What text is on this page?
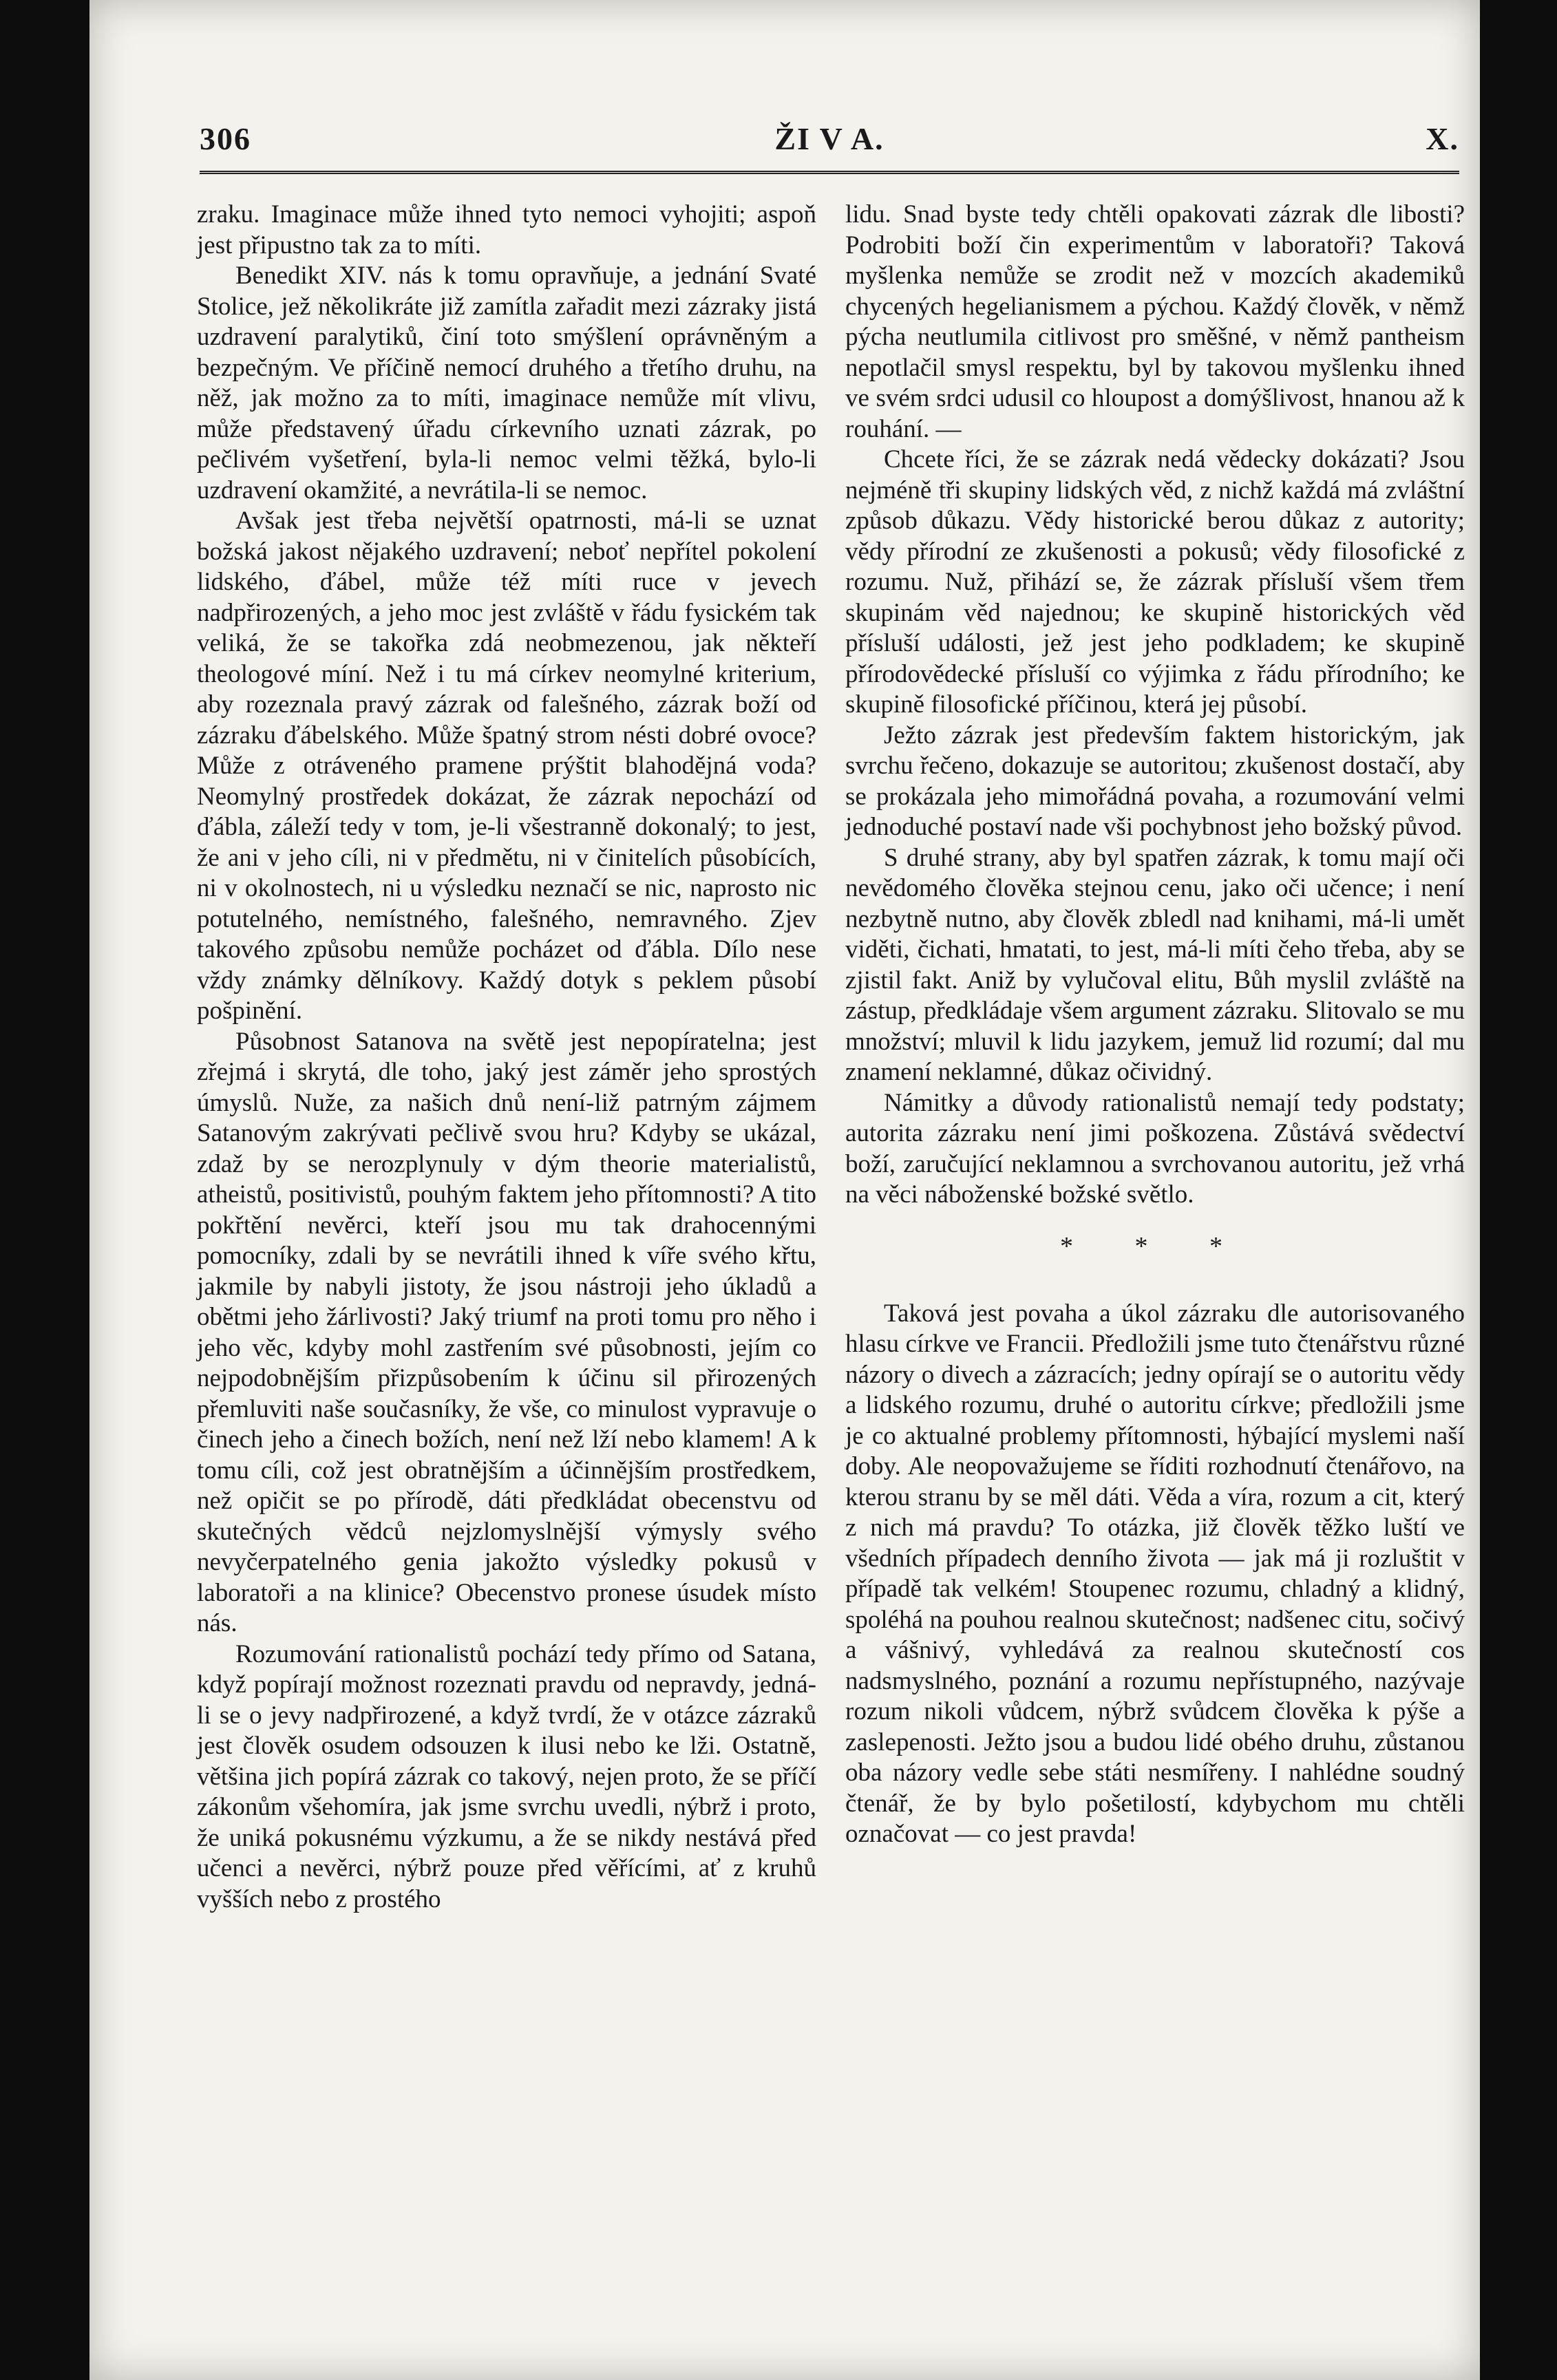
306	ŽI V A.	X.

zraku. Imaginace může ihned tyto nemoci vyhojiti; aspoň jest připustno tak za to míti.

Benedikt XIV. nás k tomu opravňuje, a jednání Svaté Stolice, jež několikráte již zamítla zařadit mezi zázraky jistá uzdravení paralytiků, činí toto smýšlení oprávněným a bezpečným. Ve příčině nemocí druhého a třetího druhu, na něž, jak možno za to míti, imaginace nemůže mít vlivu, může představený úřadu církevního uznati zázrak, po pečlivém vyšetření, byla-li nemoc velmi těžká, bylo-li uzdravení okamžité, a nevrátila-li se nemoc.

Avšak jest třeba největší opatrnosti, má-li se uznat božská jakost nějakého uzdravení; neboť nepřítel pokolení lidského, ďábel, může též míti ruce v jevech nadpřirozených, a jeho moc jest zvláště v řádu fysickém tak veliká, že se takořka zdá neobmezenou, jak někteří theologové míní. Než i tu má církev neomylné kriterium, aby rozeznala pravý zázrak od falešného, zázrak boží od zázraku ďábelského. Může špatný strom nésti dobré ovoce? Může z otráveného pramene prýštit blahodějná voda? Neomylný prostředek dokázat, že zázrak nepochází od ďábla, záleží tedy v tom, je-li všestranně dokonalý; to jest, že ani v jeho cíli, ni v předmětu, ni v činitelích působících, ni v okolnostech, ni u výsledku neznačí se nic, naprosto nic potutelného, nemístného, falešného, nemravného. Zjev takového způsobu nemůže pocházet od ďábla. Dílo nese vždy známky dělníkovy. Každý dotyk s peklem působí pošpinění.

Působnost Satanova na světě jest nepopíratelna; jest zřejmá i skrytá, dle toho, jaký jest záměr jeho sprostých úmyslů. Nuže, za našich dnů není-liž patrným zájmem Satanovým zakrývati pečlivě svou hru? Kdyby se ukázal, zdaž by se nerozplynuly v dým theorie materialistů, atheistů, positivistů, pouhým faktem jeho přítomnosti? A tito pokřtění nevěrci, kteří jsou mu tak drahocennými pomocníky, zdali by se nevrátili ihned k víře svého křtu, jakmile by nabyli jistoty, že jsou nástroji jeho úkladů a obětmi jeho žárlivosti? Jaký triumf na proti tomu pro něho i jeho věc, kdyby mohl zastřením své působnosti, jejím co nejpodobnějším přizpůsobením k účinu sil přirozených přemluviti naše současníky, že vše, co minulost vypravuje o činech jeho a činech božích, není než lží nebo klamem! A k tomu cíli, což jest obratnějším a účinnějším prostředkem, než opičit se po přírodě, dáti předkládat obecenstvu od skutečných vědců nejzlomyslnější výmysly svého nevyčerpatelného genia jakožto výsledky pokusů v laboratoři a na klinice? Obecenstvo pronese úsudek místo nás.

Rozumování rationalistů pochází tedy přímo od Satana, když popírají možnost rozeznati pravdu od nepravdy, jedná-li se o jevy nadpřirozené, a když tvrdí, že v otázce zázraků jest člověk osudem odsouzen k ilusi nebo ke lži. Ostatně, většina jich popírá zázrak co takový, nejen proto, že se příčí zákonům všehomíra, jak jsme svrchu uvedli, nýbrž i proto, že uniká pokusnému výzkumu, a že se nikdy nestává před učenci a nevěrci, nýbrž pouze před věřícími, ať z kruhů vyšších nebo z prostého

lidu. Snad byste tedy chtěli opakovati zázrak dle libosti? Podrobiti boží čin experimentům v laboratoři? Taková myšlenka nemůže se zrodit než v mozcích akademiků chycených hegelianismem a pýchou. Každý člověk, v němž pýcha neutlumila citlivost pro směšné, v němž pantheism nepotlačil smysl respektu, byl by takovou myšlenku ihned ve svém srdci udusil co hloupost a domýšlivost, hnanou až k rouhání. —

Chcete říci, že se zázrak nedá vědecky dokázati? Jsou nejméně tři skupiny lidských věd, z nichž každá má zvláštní způsob důkazu. Vědy historické berou důkaz z autority; vědy přírodní ze zkušenosti a pokusů; vědy filosofické z rozumu. Nuž, přihází se, že zázrak přísluší všem třem skupinám věd najednou; ke skupině historických věd přísluší události, jež jest jeho podkladem; ke skupině přírodovědecké přísluší co výjimka z řádu přírodního; ke skupině filosofické příčinou, která jej působí.

Ježto zázrak jest především faktem historickým, jak svrchu řečeno, dokazuje se autoritou; zkušenost dostačí, aby se prokázala jeho mimořádná povaha, a rozumování velmi jednoduché postaví nade vši pochybnost jeho božský původ.

S druhé strany, aby byl spatřen zázrak, k tomu mají oči nevědomého člověka stejnou cenu, jako oči učence; i není nezbytně nutno, aby člověk zbledl nad knihami, má-li umět viděti, čichati, hmatati, to jest, má-li míti čeho třeba, aby se zjistil fakt. Aniž by vylučoval elitu, Bůh myslil zvláště na zástup, předkládaje všem argument zázraku. Slitovalo se mu množství; mluvil k lidu jazykem, jemuž lid rozumí; dal mu znamení neklamné, důkaz očividný.

Námitky a důvody rationalistů nemají tedy podstaty; autorita zázraku není jimi poškozena. Zůstává svědectví boží, zaručující neklamnou a svrchovanou autoritu, jež vrhá na věci náboženské božské světlo.

* * *

Taková jest povaha a úkol zázraku dle autorisovaného hlasu církve ve Francii. Předložili jsme tuto čtenářstvu různé názory o divech a zázracích; jedny opírají se o autoritu vědy a lidského rozumu, druhé o autoritu církve; předložili jsme je co aktualné problemy přítomnosti, hýbající myslemi naší doby. Ale neopovažujeme se říditi rozhodnutí čtenářovo, na kterou stranu by se měl dáti. Věda a víra, rozum a cit, který z nich má pravdu? To otázka, již člověk těžko luští ve všedních případech denního života — jak má ji rozluštit v případě tak velkém! Stoupenec rozumu, chladný a klidný, spoléhá na pouhou realnou skutečnost; nadšenec citu, sočivý a vášnivý, vyhledává za realnou skutečností cos nadsmyslného, poznání a rozumu nepřístupného, nazývaje rozum nikoli vůdcem, nýbrž svůdcem člověka k pýše a zaslepenosti. Ježto jsou a budou lidé obého druhu, zůstanou oba názory vedle sebe státi nesmířeny. I nahlédne soudný čtenář, že by bylo pošetilostí, kdybychom mu chtěli označovat — co jest pravda!
